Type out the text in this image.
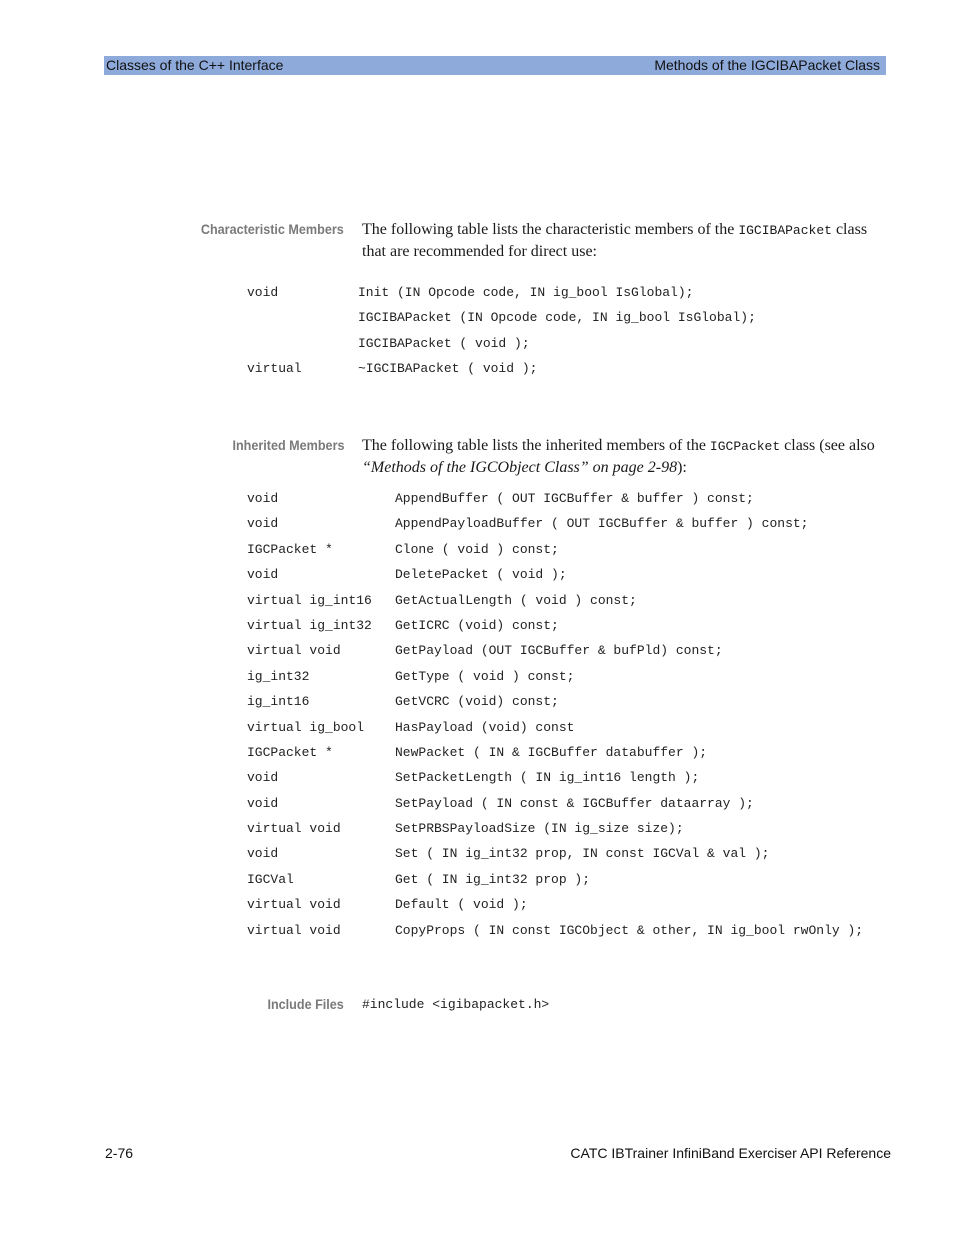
Classes of the C++ Interface	Methods of the IGCIBAPacket Class
Characteristic Members The following table lists the characteristic members of the IGCIBAPacket class that are recommended for direct use:
void	Init (IN Opcode code, IN ig_bool IsGlobal);
IGCIBAPacket (IN Opcode code, IN ig_bool IsGlobal);
IGCIBAPacket ( void );
virtual	~IGCIBAPacket ( void );
Inherited Members The following table lists the inherited members of the IGCPacket class (see also “Methods of the IGCObject Class” on page 2-98):
void	AppendBuffer ( OUT IGCBuffer & buffer ) const;
void	AppendPayloadBuffer ( OUT IGCBuffer & buffer ) const;
IGCPacket *	Clone ( void ) const;
void	DeletePacket ( void );
virtual ig_int16 GetActualLength ( void ) const;
virtual ig_int32 GetICRC (void) const;
virtual void	GetPayload (OUT IGCBuffer & bufPld) const;
ig_int32	GetType ( void ) const;
ig_int16	GetVCRC (void) const;
virtual ig_bool HasPayload (void) const
IGCPacket *	NewPacket ( IN & IGCBuffer databuffer );
void	SetPacketLength ( IN ig_int16 length );
void	SetPayload ( IN const & IGCBuffer dataarray );
virtual void	SetPRBSPayloadSize (IN ig_size size);
void	Set ( IN ig_int32 prop, IN const IGCVal & val );
IGCVal	Get ( IN ig_int32 prop );
virtual void	Default ( void );
virtual void	CopyProps ( IN const IGCObject & other, IN ig_bool rwOnly );
Include Files #include <igibapacket.h>
2-76	CATC IBTrainer InfiniBand Exerciser API Reference
